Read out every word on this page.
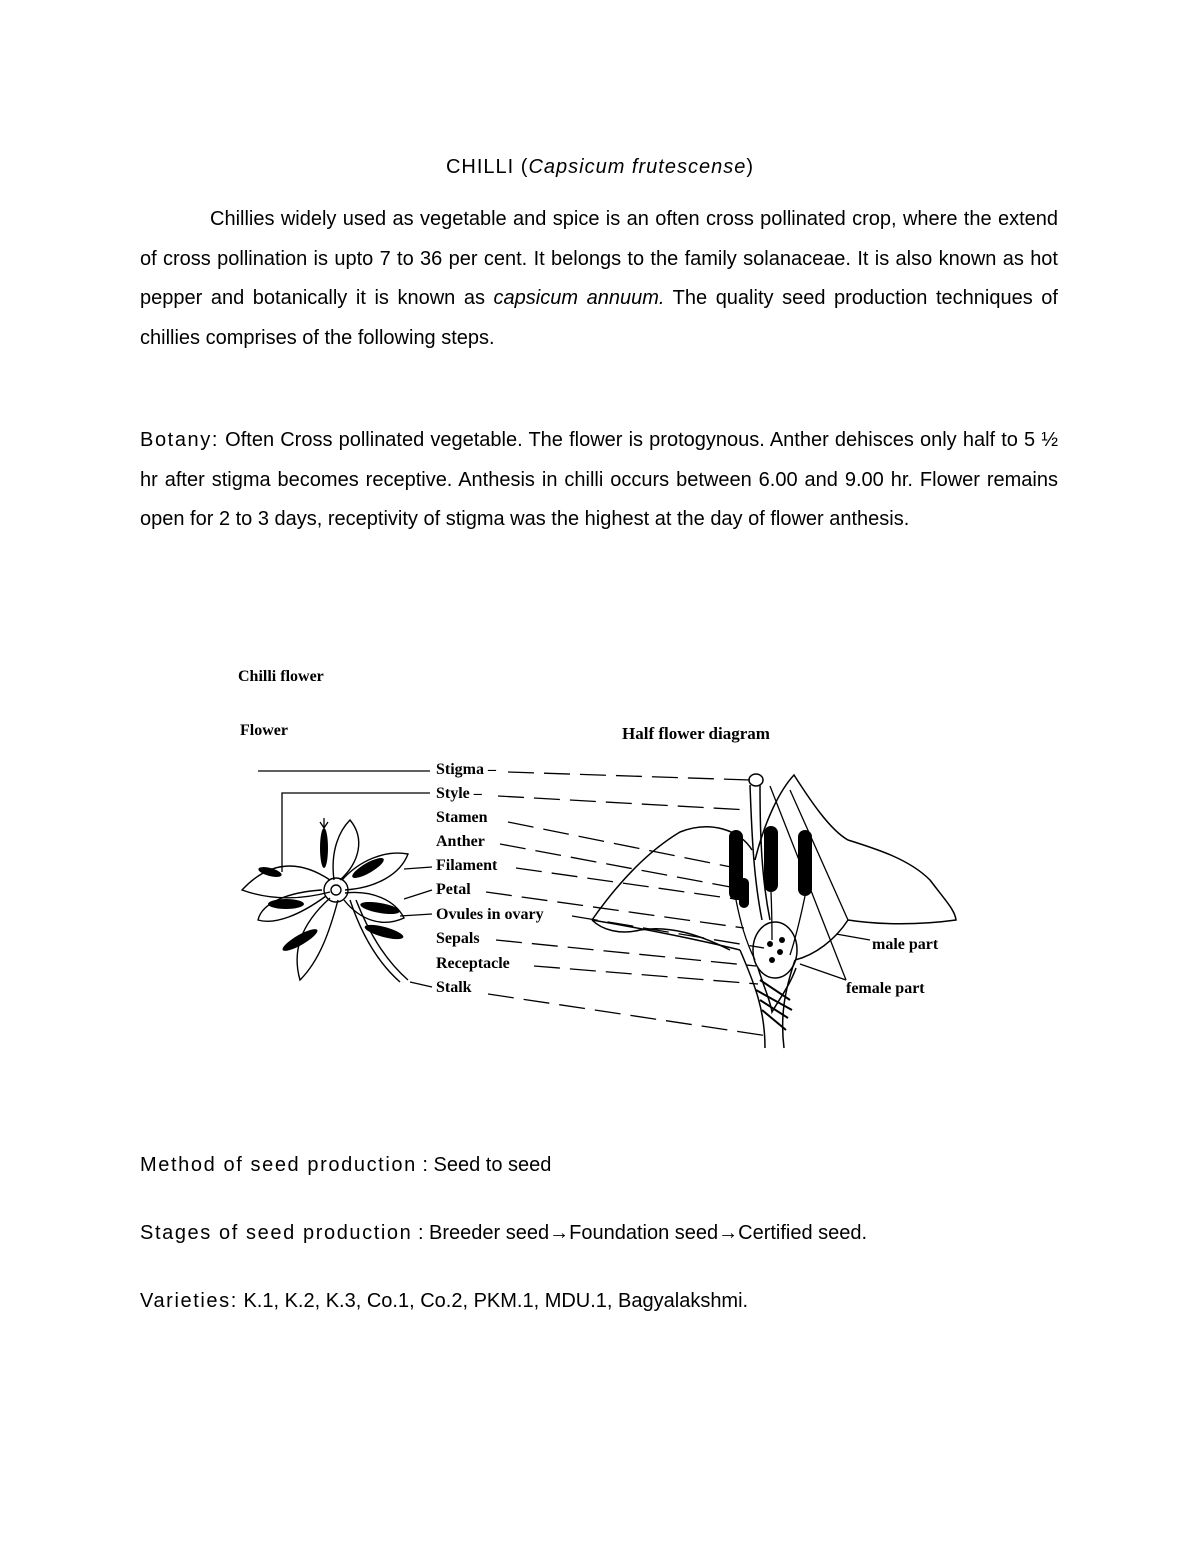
CHILLI (Capsicum frutescense)
Chillies widely used as vegetable and spice is an often cross pollinated crop, where the extend of cross pollination is upto 7 to 36 per cent. It belongs to the family solanaceae. It is also known as hot pepper and botanically it is known as capsicum annuum. The quality seed production techniques of chillies comprises of the following steps.
Botany: Often Cross pollinated vegetable. The flower is protogynous. Anther dehisces only half to 5 ½ hr after stigma becomes receptive. Anthesis in chilli occurs between 6.00 and 9.00 hr. Flower remains open for 2 to 3 days, receptivity of stigma was the highest at the day of flower anthesis.
Chilli flower
Flower	Half flower diagram
Stigma –
Style –
Stamen
Anther
Filament
Petal
Ovules in ovary
Sepals
Receptacle
Stalk
male part
female part
Method of seed production : Seed to seed
Stages of seed production : Breeder seed→Foundation seed→Certified seed.
Varieties: K.1, K.2, K.3, Co.1, Co.2, PKM.1, MDU.1, Bagyalakshmi.
